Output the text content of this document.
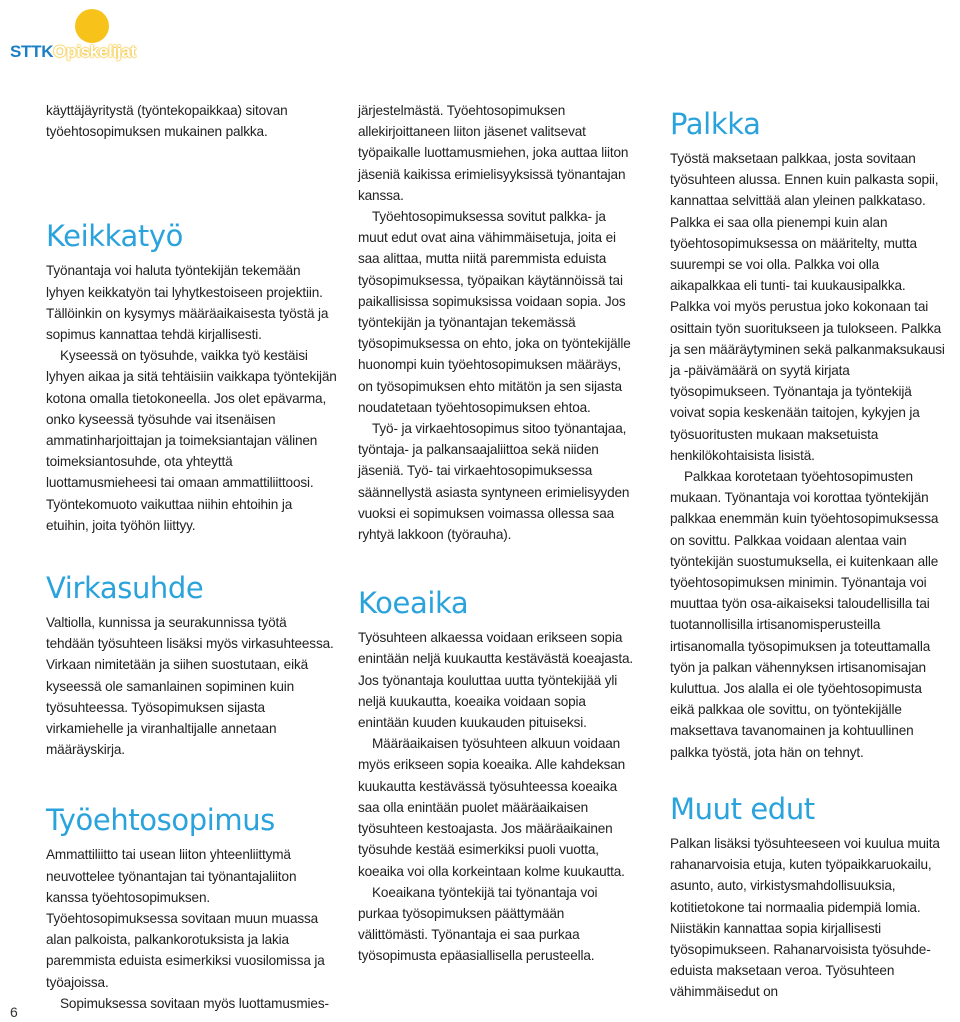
STTKOpiskelijat

käyttäjäyritystä (työntekopaikkaa) sitovan työehtosopimuksen mukainen palkka.

Keikkatyö

Työnantaja voi haluta työntekijän tekemään lyhyen keikkatyön tai lyhytkestoiseen projektiin. Tällöinkin on kysymys määräaikaisesta työstä ja sopimus kannattaa tehdä kirjallisesti.

Kyseessä on työsuhde, vaikka työ kestäisi lyhyen aikaa ja sitä tehtäisiin vaikkapa työntekijän kotona omalla tietokoneella. Jos olet epävarma, onko kyseessä työsuhde vai itsenäisen ammatinharjoittajan ja toimeksiantajan välinen toimeksiantosuhde, ota yhteyttä luottamusmieheesi tai omaan ammattiliittoosi. Työntekomuoto vaikuttaa niihin ehtoihin ja etuihin, joita työhön liittyy.

Virkasuhde

Valtiolla, kunnissa ja seurakunnissa työtä tehdään työsuhteen lisäksi myös virkasuhteessa. Virkaan nimitetään ja siihen suostutaan, eikä kyseessä ole samanlainen sopiminen kuin työsuhteessa. Työsopimuksen sijasta virkamiehelle ja viranhaltijalle annetaan määräyskirja.

Työehtosopimus

Ammattiliitto tai usean liiton yhteenliittymä neuvottelee työnantajan tai työnantajaliiton kanssa työehtosopimuksen. Työehtosopimuksessa sovitaan muun muassa alan palkoista, palkankorotuksista ja lakia paremmista eduista esimerkiksi vuosilomissa ja työajoissa.

Sopimuksessa sovitaan myös luottamusmies-

järjestelmästä. Työehtosopimuksen allekirjoittaneen liiton jäsenet valitsevat työpaikalle luottamusmiehen, joka auttaa liiton jäseniä kaikissa erimielisyyksissä työnantajan kanssa.

Työehtosopimuksessa sovitut palkka- ja muut edut ovat aina vähimmäisetuja, joita ei saa alittaa, mutta niitä paremmista eduista työsopimuksessa, työpaikan käytännöissä tai paikallisissa sopimuksissa voidaan sopia. Jos työntekijän ja työnantajan tekemässä työsopimuksessa on ehto, joka on työntekijälle huonompi kuin työehtosopimuksen määräys, on työsopimuksen ehto mitätön ja sen sijasta noudatetaan työehtosopimuksen ehtoa.

Työ- ja virkaehtosopimus sitoo työnantajaa, työntaja- ja palkansaajaliittoa sekä niiden jäseniä. Työ- tai virkaehtosopimuksessa säännellystä asiasta syntyneen erimielisyyden vuoksi ei sopimuksen voimassa ollessa saa ryhtyä lakkoon (työrauha).

Koeaika

Työsuhteen alkaessa voidaan erikseen sopia enintään neljä kuukautta kestävästä koeajasta. Jos työnantaja kouluttaa uutta työntekijää yli neljä kuukautta, koeaika voidaan sopia enintään kuuden kuukauden pituiseksi.

Määräaikaisen työsuhteen alkuun voidaan myös erikseen sopia koeaika. Alle kahdeksan kuukautta kestävässä työsuhteessa koeaika saa olla enintään puolet määräaikaisen työsuhteen kestoajasta. Jos määräaikainen työsuhde kestää esimerkiksi puoli vuotta, koeaika voi olla korkeintaan kolme kuukautta.

Koeaikana työntekijä tai työnantaja voi purkaa työsopimuksen päättymään välittömästi. Työnantaja ei saa purkaa työsopimusta epäasiallisella perusteella.

Palkka

Työstä maksetaan palkkaa, josta sovitaan työsuhteen alussa. Ennen kuin palkasta sopii, kannattaa selvittää alan yleinen palkkataso. Palkka ei saa olla pienempi kuin alan työehtosopimuksessa on määritelty, mutta suurempi se voi olla. Palkka voi olla aikapalkkaa eli tunti- tai kuukausipalkka. Palkka voi myös perustua joko kokonaan tai osittain työn suoritukseen ja tulokseen. Palkka ja sen määräytyminen sekä palkanmaksukausi ja -päivämäärä on syytä kirjata työsopimukseen. Työnantaja ja työntekijä voivat sopia keskenään taitojen, kykyjen ja työsuoritusten mukaan maksetuista henkilökohtaisista lisistä.

Palkkaa korotetaan työehtosopimusten mukaan. Työnantaja voi korottaa työntekijän palkkaa enemmän kuin työehtosopimuksessa on sovittu. Palkkaa voidaan alentaa vain työntekijän suostumuksella, ei kuitenkaan alle työehtosopimuksen minimin. Työnantaja voi muuttaa työn osa-aikaiseksi taloudellisilla tai tuotannollisilla irtisanomisperusteilla irtisanomalla työsopimuksen ja toteuttamalla työn ja palkan vähennyksen irtisanomisajan kuluttua. Jos alalla ei ole työehtosopimusta eikä palkkaa ole sovittu, on työntekijälle maksettava tavanomainen ja kohtuullinen palkka työstä, jota hän on tehnyt.

Muut edut

Palkan lisäksi työsuhteeseen voi kuulua muita rahanarvoisia etuja, kuten työpaikkaruokailu, asunto, auto, virkistysmahdollisuuksia, kotitietokone tai normaalia pidempiä lomia. Niistäkin kannattaa sopia kirjallisesti työsopimukseen. Rahanarvoisista työsuhde-eduista maksetaan veroa. Työsuhteen vähimmäisedut on

6
